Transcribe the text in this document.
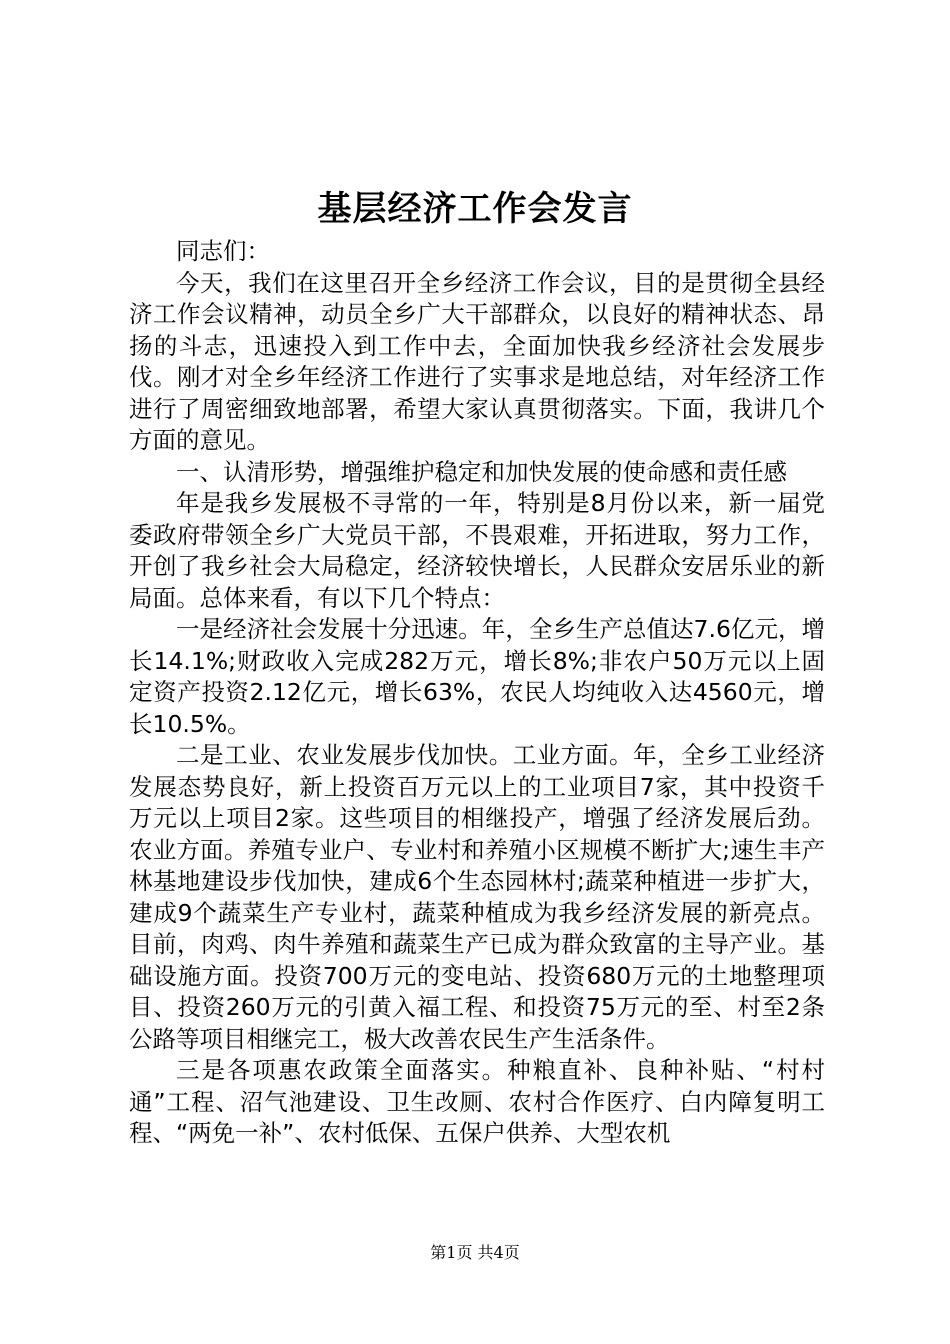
基层经济工作会发言

同志们：

今天，我们在这里召开全乡经济工作会议，目的是贯彻全县经济工作会议精神，动员全乡广大干部群众，以良好的精神状态、昂扬的斗志，迅速投入到工作中去，全面加快我乡经济社会发展步伐。刚才对全乡年经济工作进行了实事求是地总结，对年经济工作进行了周密细致地部署，希望大家认真贯彻落实。下面，我讲几个方面的意见。

一、认清形势，增强维护稳定和加快发展的使命感和责任感

年是我乡发展极不寻常的一年，特别是8月份以来，新一届党委政府带领全乡广大党员干部，不畏艰难，开拓进取，努力工作，开创了我乡社会大局稳定，经济较快增长，人民群众安居乐业的新局面。总体来看，有以下几个特点：

一是经济社会发展十分迅速。年，全乡生产总值达7.6亿元，增长14.1%;财政收入完成282万元，增长8%;非农户50万元以上固定资产投资2.12亿元，增长63%，农民人均纯收入达4560元，增长10.5%。

二是工业、农业发展步伐加快。工业方面。年，全乡工业经济发展态势良好，新上投资百万元以上的工业项目7家，其中投资千万元以上项目2家。这些项目的相继投产，增强了经济发展后劲。农业方面。养殖专业户、专业村和养殖小区规模不断扩大;速生丰产林基地建设步伐加快，建成6个生态园林村;蔬菜种植进一步扩大，建成9个蔬菜生产专业村，蔬菜种植成为我乡经济发展的新亮点。目前，肉鸡、肉牛养殖和蔬菜生产已成为群众致富的主导产业。基础设施方面。投资700万元的变电站、投资680万元的土地整理项目、投资260万元的引黄入福工程、和投资75万元的至、村至2条公路等项目相继完工，极大改善农民生产生活条件。

三是各项惠农政策全面落实。种粮直补、良种补贴、“村村通”工程、沼气池建设、卫生改厕、农村合作医疗、白内障复明工程、“两免一补”、农村低保、五保户供养、大型农机

第1页 共4页
